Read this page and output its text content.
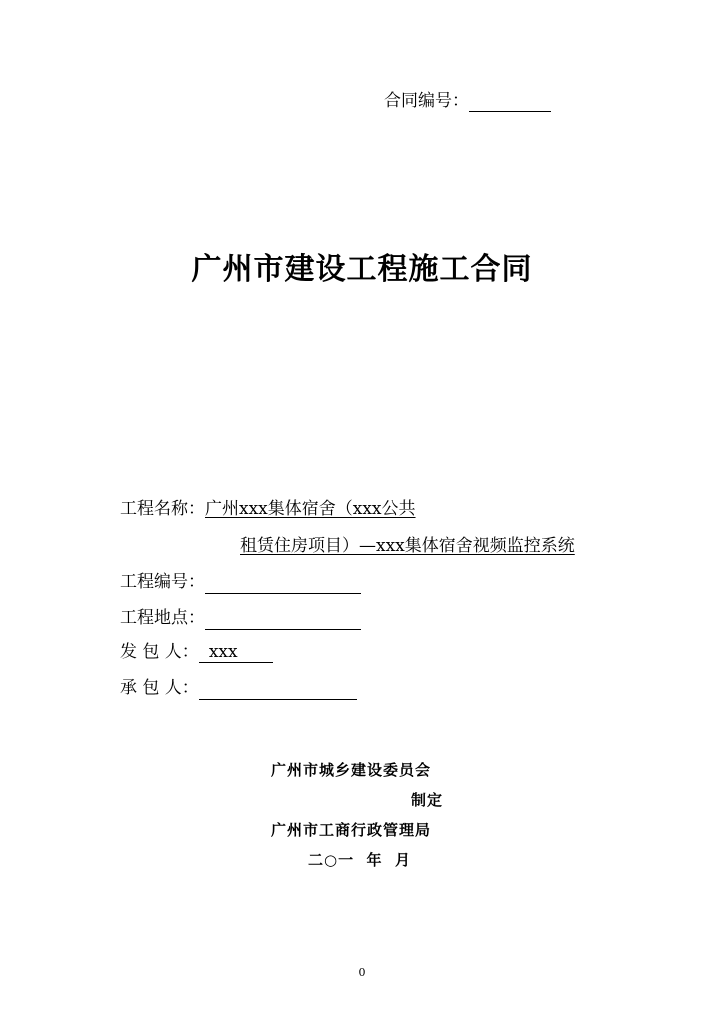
合同编号：
广州市建设工程施工合同
工程名称：广州xxx集体宿舍（xxx公共
租赁住房项目）—xxx集体宿舍视频监控系统
工程编号：
工程地点：
发 包 人： xxx
承 包 人：
广州市城乡建设委员会
制定
广州市工商行政管理局
二○一  年  月
0
